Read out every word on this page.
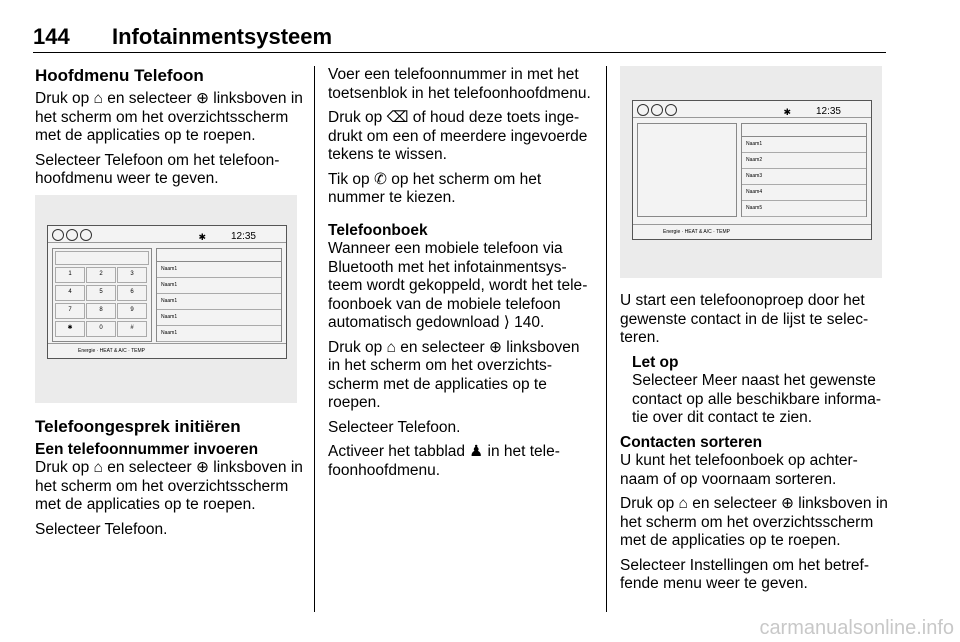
144 Infotainmentsysteem
Hoofdmenu Telefoon

Druk op ⌂ en selecteer ⊕ linksboven in het scherm om het overzichtsscherm met de applicaties op te roepen.

Selecteer Telefoon om het telefoonhoofdmenu weer te geven.

✱ 12:35
1	2	3
4	5	6
7	8	9
✱	0	#
Naam1
Naam1
Naam1
Naam1
Naam1
Energie · HEAT & A/C · TEMP
Telefoongesprek initiëren
Een telefoonnummer invoeren

Druk op ⌂ en selecteer ⊕ linksboven in het scherm om het overzichtsscherm met de applicaties op te roepen.

Selecteer Telefoon.

Voer een telefoonnummer in met het toetsenblok in het telefoonhoofdmenu.

Druk op ⌫ of houd deze toets ingedrukt om een of meerdere ingevoerde tekens te wissen.

Tik op ✆ op het scherm om het nummer te kiezen.

Telefoonboek

Wanneer een mobiele telefoon via Bluetooth met het infotainmentsysteem wordt gekoppeld, wordt het telefoonboek van de mobiele telefoon automatisch gedownload ⟩ 140.

Druk op ⌂ en selecteer ⊕ linksboven in het scherm om het overzichtsscherm met de applicaties op te roepen.

Selecteer Telefoon.

Activeer het tabblad ♟ in het telefoonhoofdmenu.

✱ 12:35
Naam1
Naam2
Naam3
Naam4
Naam5
Energie · HEAT & A/C · TEMP

U start een telefoonoproep door het gewenste contact in de lijst te selecteren.

Let op

Selecteer Meer naast het gewenste contact op alle beschikbare informatie over dit contact te zien.

Contacten sorteren

U kunt het telefoonboek op achternaam of op voornaam sorteren.

Druk op ⌂ en selecteer ⊕ linksboven in het scherm om het overzichtsscherm met de applicaties op te roepen.

Selecteer Instellingen om het betreffende menu weer te geven.

carmanualsonline.info
